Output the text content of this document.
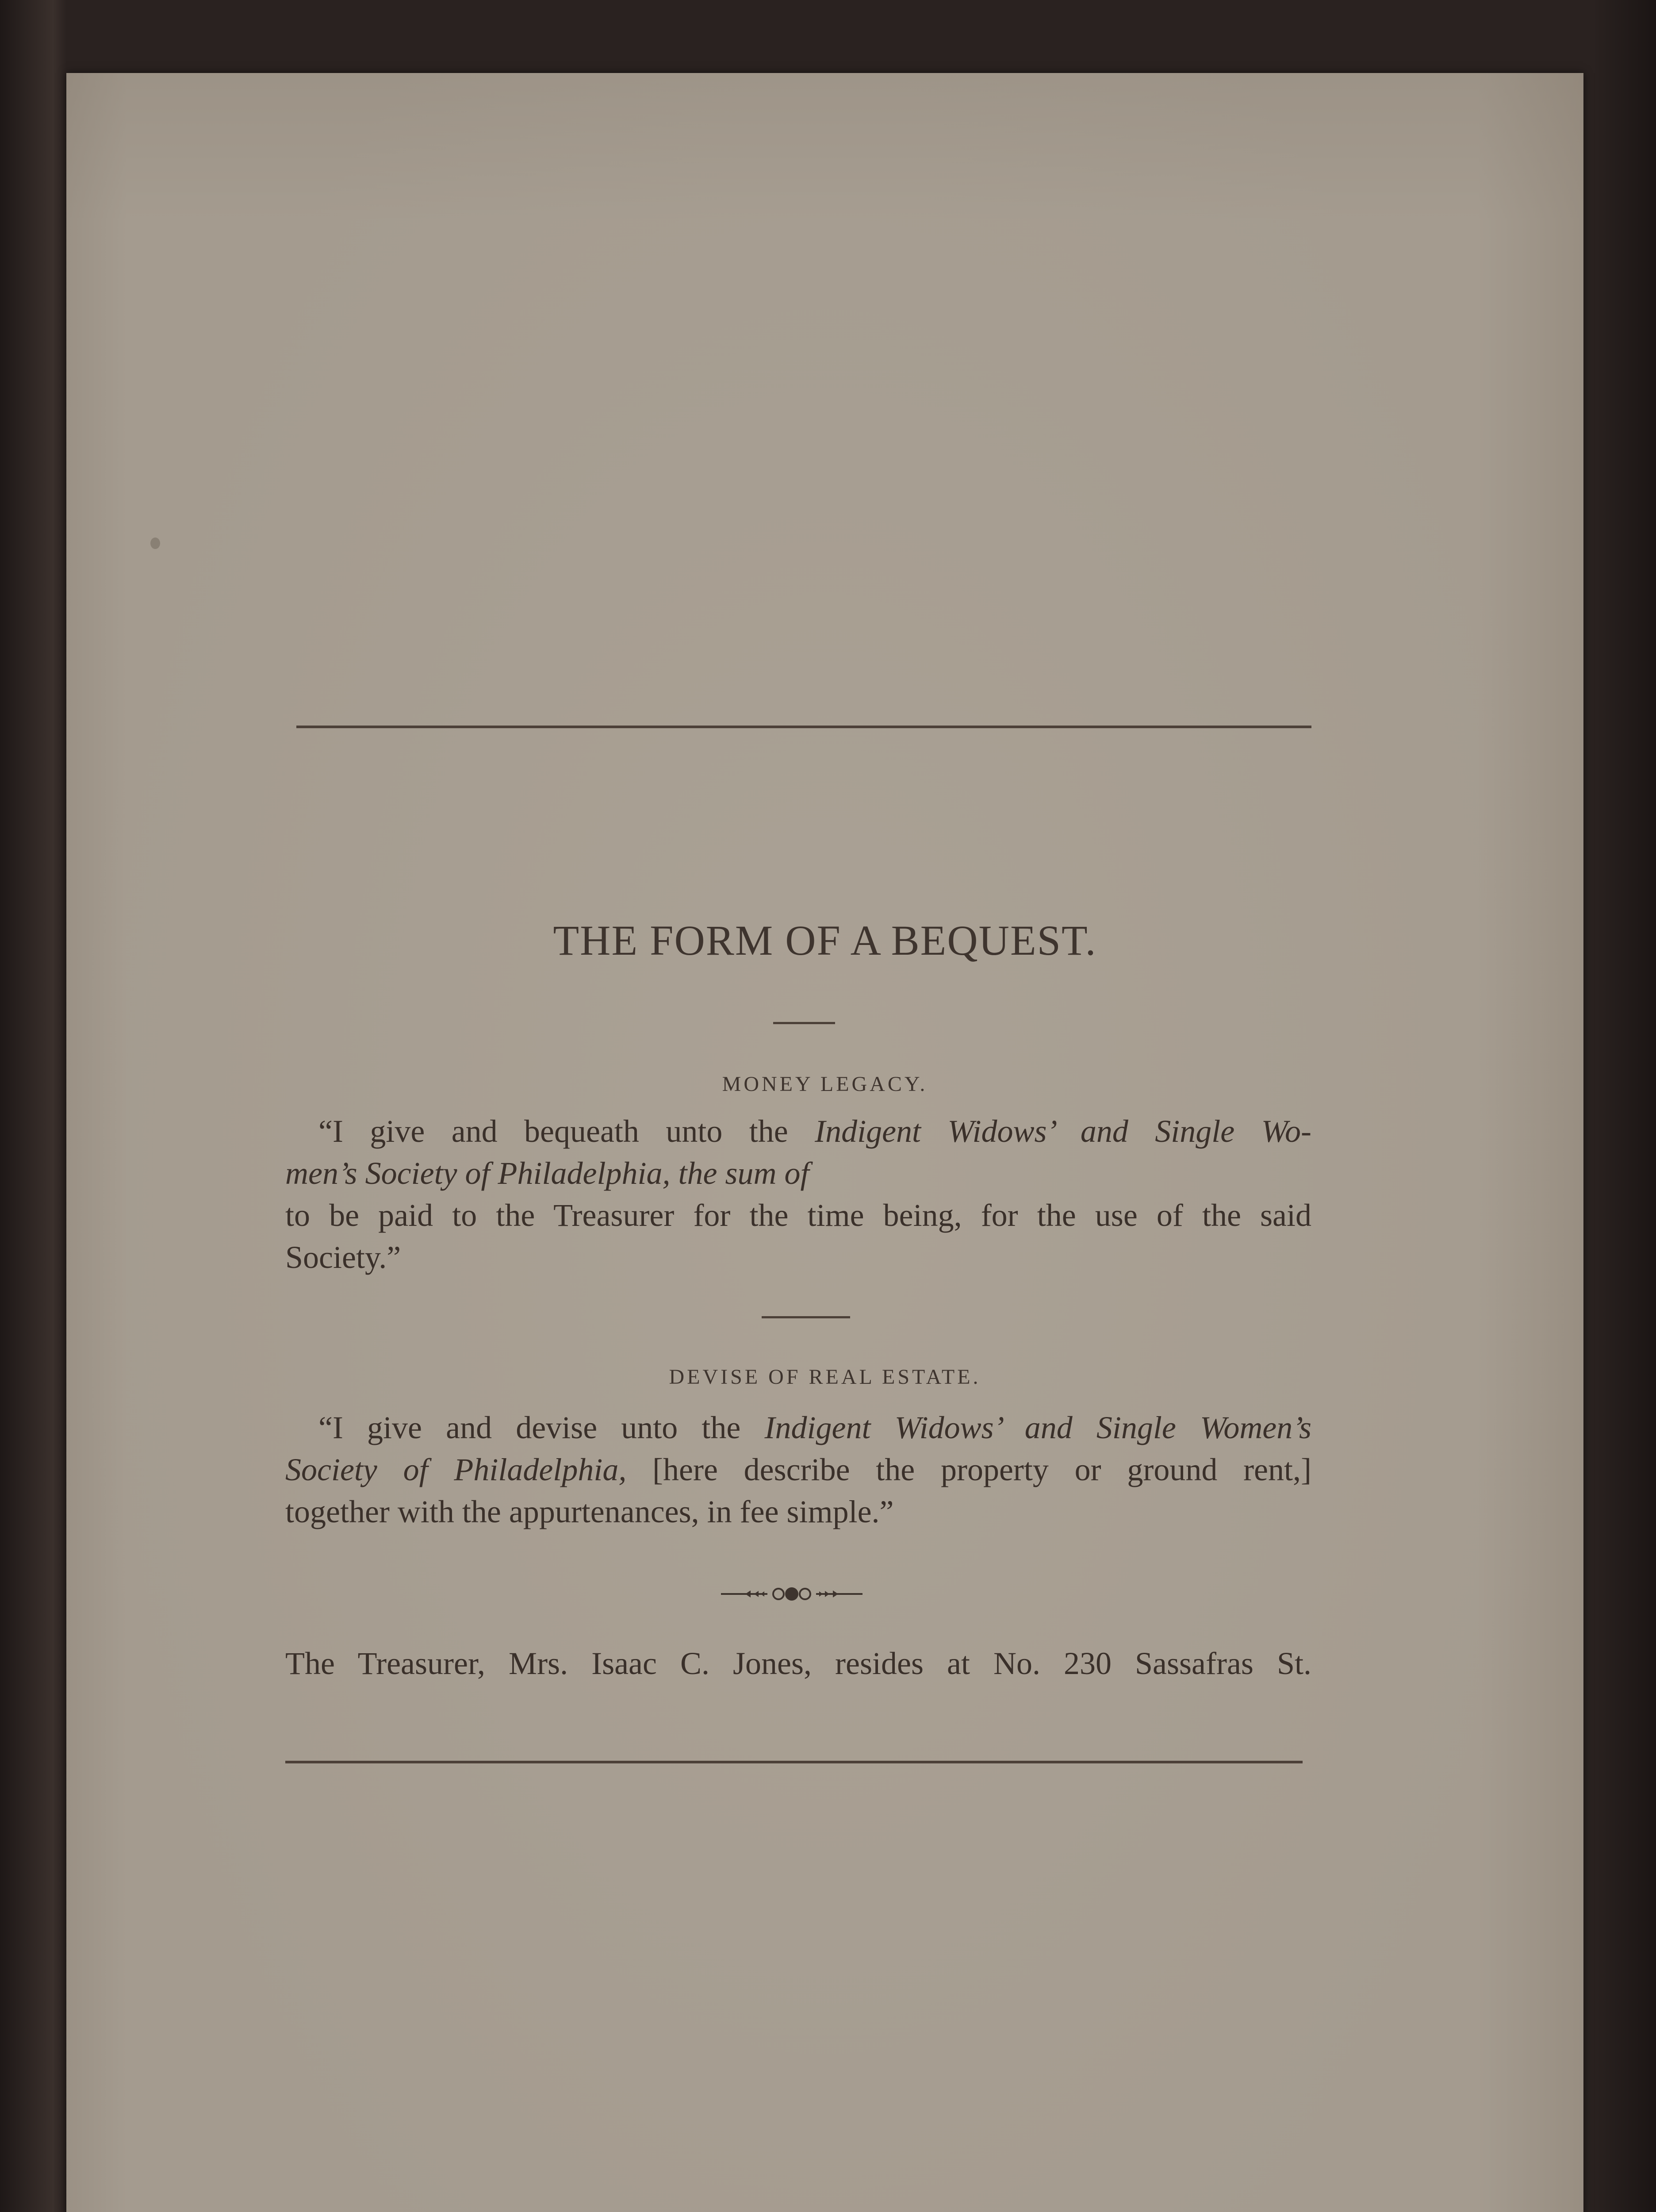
THE FORM OF A BEQUEST.
MONEY LEGACY.
“I give and bequeath unto the Indigent Widows’ and Single Wo-
men’s Society of Philadelphia, the sum of
to be paid to the Treasurer for the time being, for the use of the said
Society.”
DEVISE OF REAL ESTATE.
“I give and devise unto the Indigent Widows’ and Single Women’s
Society of Philadelphia, [here describe the property or ground rent,]
together with the appurtenances, in fee simple.”
The Treasurer, Mrs. Isaac C. Jones, resides at No. 230 Sassafras St.
